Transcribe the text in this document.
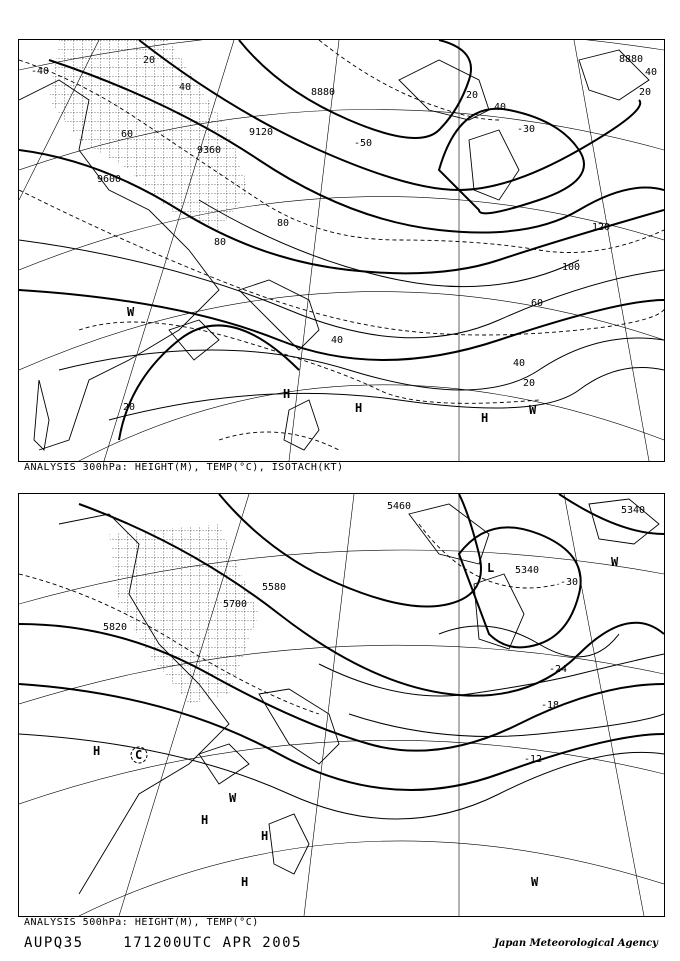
9600
9120
8880
8880
9360
20
40
60
80
120
100
80
60
40
20
20
40
40
20	20
40
-40
-30
-50
W
H
H
H
W
ANALYSIS 300hPa: HEIGHT(M), TEMP(°C), ISOTACH(KT)
5820
5700
5580
5460	5340
5340
-30
-24
-18
-12
H	C
W
H
H
H	W
W
L
ANALYSIS 500hPa: HEIGHT(M), TEMP(°C)
AUPQ35	171200UTC APR 2005	Japan Meteorological Agency
